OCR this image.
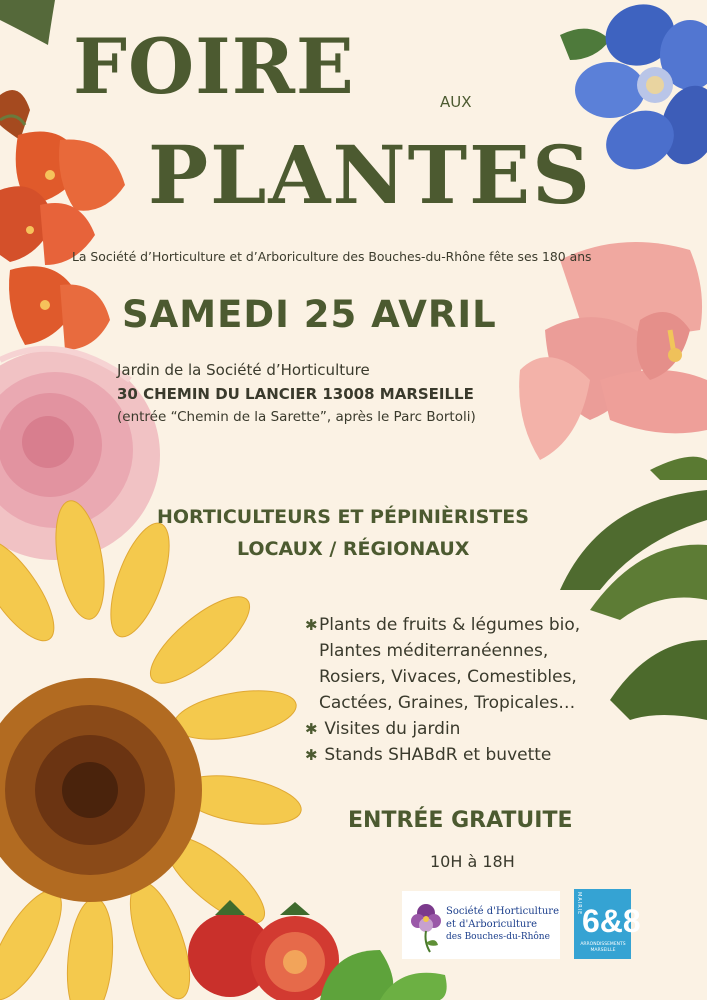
FOIRE	AUX
PLANTES
La Société d’Horticulture et d’Arboriculture des Bouches-du-Rhône fête ses 180 ans
SAMEDI 25 AVRIL
Jardin de la Société d’Horticulture
30 CHEMIN DU LANCIER 13008 MARSEILLE
(entrée “Chemin de la Sarette”, après le Parc Bortoli)
HORTICULTEURS ET PÉPINIÈRISTES
LOCAUX / RÉGIONAUX
✱Plants de fruits & légumes bio,
Plantes méditerranéennes,
Rosiers, Vivaces, Comestibles,
Cactées, Graines, Tropicales…
✱ Visites du jardin
✱ Stands SHABdR et buvette
ENTRÉE GRATUITE
10H à 18H
Société d'Horticulture
et d'Arboriculture
des Bouches-du-Rhône
MAIRIE 6&8
ARRONDISSEMENTS MARSEILLE
